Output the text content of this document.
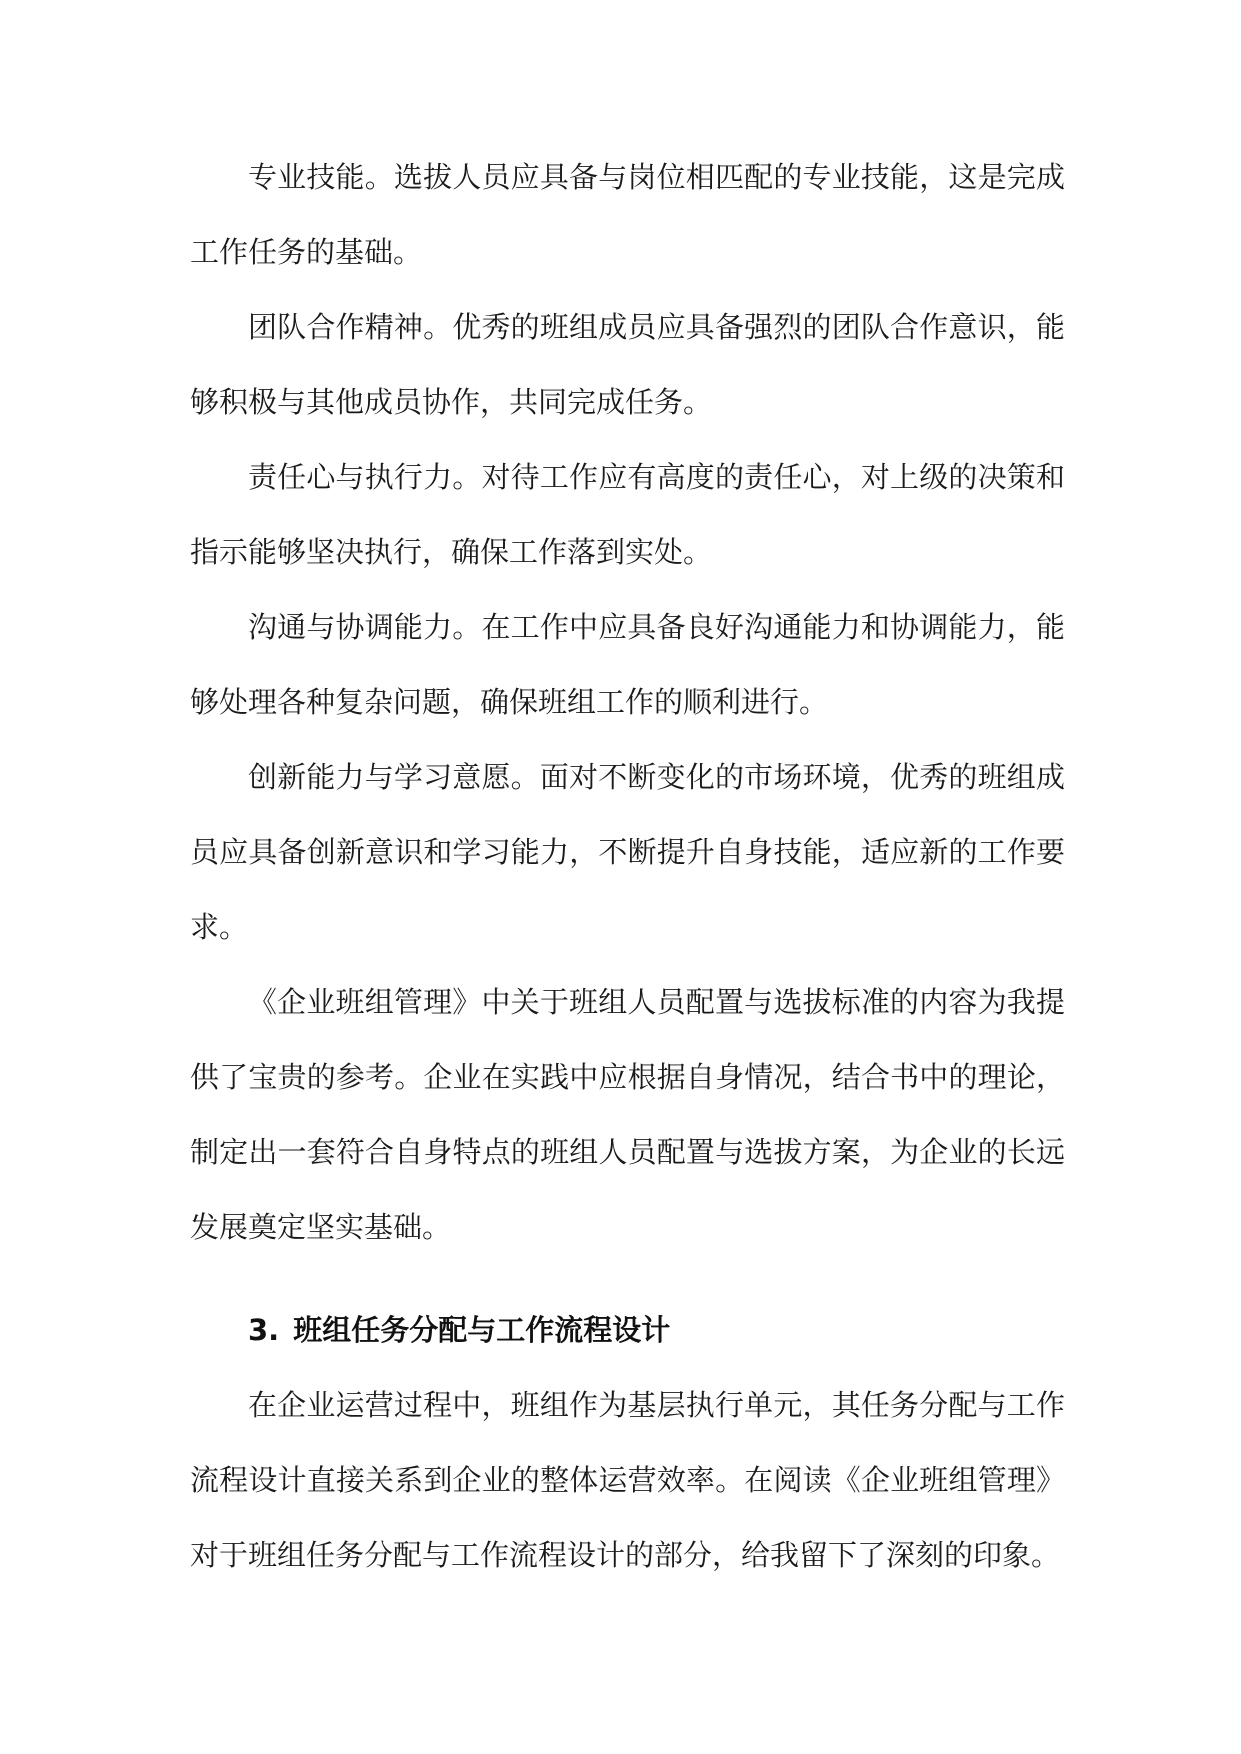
专业技能。选拔人员应具备与岗位相匹配的专业技能，这是完成工作任务的基础。

团队合作精神。优秀的班组成员应具备强烈的团队合作意识，能够积极与其他成员协作，共同完成任务。

责任心与执行力。对待工作应有高度的责任心，对上级的决策和指示能够坚决执行，确保工作落到实处。

沟通与协调能力。在工作中应具备良好沟通能力和协调能力，能够处理各种复杂问题，确保班组工作的顺利进行。

创新能力与学习意愿。面对不断变化的市场环境，优秀的班组成员应具备创新意识和学习能力，不断提升自身技能，适应新的工作要求。

《企业班组管理》中关于班组人员配置与选拔标准的内容为我提供了宝贵的参考。企业在实践中应根据自身情况，结合书中的理论，制定出一套符合自身特点的班组人员配置与选拔方案，为企业的长远发展奠定坚实基础。

3. 班组任务分配与工作流程设计

在企业运营过程中，班组作为基层执行单元，其任务分配与工作流程设计直接关系到企业的整体运营效率。在阅读《企业班组管理》对于班组任务分配与工作流程设计的部分，给我留下了深刻的印象。
